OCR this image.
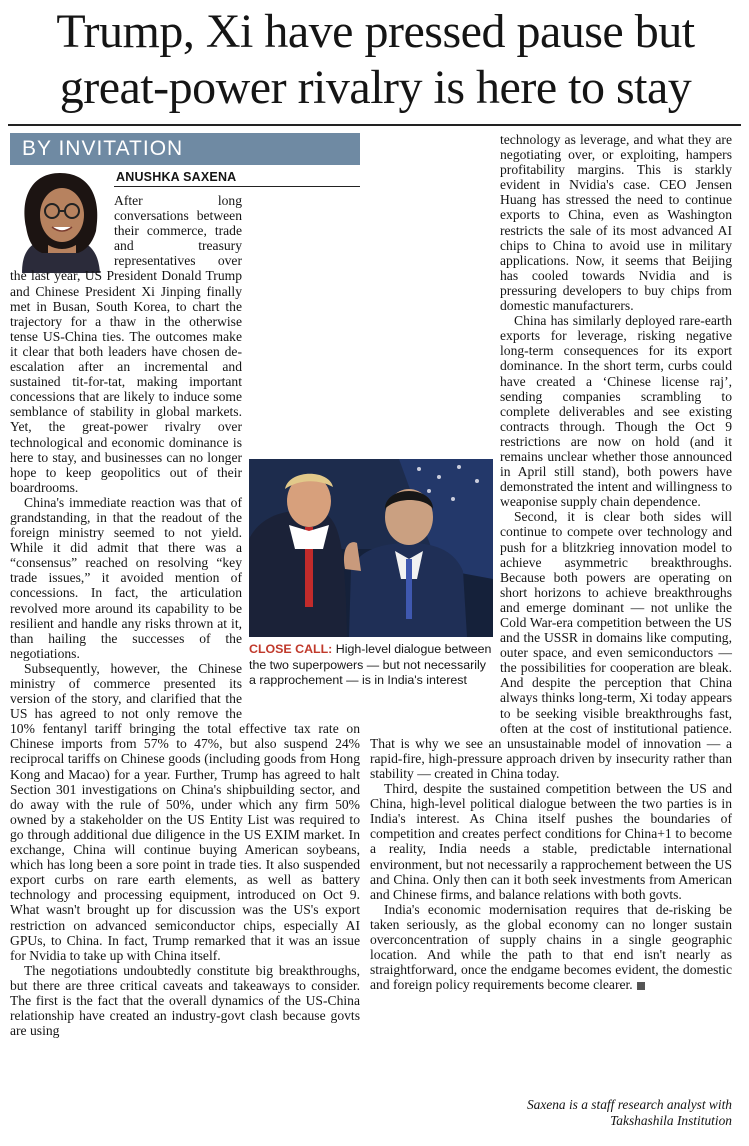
Trump, Xi have pressed pause but great-power rivalry is here to stay
BY INVITATION
ANUSHKA SAXENA

After long conversations between their commerce, trade and treasury representatives over the last year, US President Donald Trump and Chinese President Xi Jinping finally met in Busan, South Korea, to chart the trajectory for a thaw in the otherwise tense US-China ties. The outcomes make it clear that both leaders have chosen de-escalation after an incremental and sustained tit-for-tat, making important concessions that are likely to induce some semblance of stability in global markets. Yet, the great-power rivalry over technological and economic dominance is here to stay, and businesses can no longer hope to keep geopolitics out of their boardrooms.

China's immediate reaction was that of grandstanding, in that the readout of the foreign ministry seemed to not yield. While it did admit that there was a “consensus” reached on resolving “key trade issues,” it avoided mention of concessions. In fact, the articulation revolved more around its capability to be resilient and handle any risks thrown at it, than hailing the successes of the negotiations.

Subsequently, however, the Chinese ministry of commerce presented its version of the story, and clarified that the US has agreed to not only remove the 10% fentanyl tariff bringing the total effective tax rate on Chinese imports from 57% to 47%, but also suspend 24% reciprocal tariffs on Chinese goods (including goods from Hong Kong and Macao) for a year. Further, Trump has agreed to halt Section 301 investigations on China's shipbuilding sector, and do away with the rule of 50%, under which any firm 50% owned by a stakeholder on the US Entity List was required to go through additional due diligence in the US EXIM market. In exchange, China will continue buying American soybeans, which has long been a sore point in trade ties. It also suspended export curbs on rare earth elements, as well as battery technology and processing equipment, introduced on Oct 9. What wasn't brought up for discussion was the US's export restriction on advanced semiconductor chips, especially AI GPUs, to China. In fact, Trump remarked that it was an issue for Nvidia to take up with China itself.

The negotiations undoubtedly constitute big breakthroughs, but there are three critical caveats and takeaways to consider. The first is the fact that the overall dynamics of the US-China relationship have created an industry-govt clash because govts are using

technology as leverage, and what they are negotiating over, or exploiting, hampers profitability margins. This is starkly evident in Nvidia's case. CEO Jensen Huang has stressed the need to continue exports to China, even as Washington restricts the sale of its most advanced AI chips to China to avoid use in military applications. Now, it seems that Beijing has cooled towards Nvidia and is pressuring developers to buy chips from domestic manufacturers.

China has similarly deployed rare-earth exports for leverage, risking negative long-term consequences for its export dominance. In the short term, curbs could have created a ‘Chinese license raj’, sending companies scrambling to complete deliverables and see existing contracts through. Though the Oct 9 restrictions are now on hold (and it remains unclear whether those announced in April still stand), both powers have demonstrated the intent and willingness to weaponise supply chain dependence.

Second, it is clear both sides will continue to compete over technology and push for a blitzkrieg innovation model to achieve asymmetric breakthroughs. Because both powers are operating on short horizons to achieve breakthroughs and emerge dominant — not unlike the Cold War-era competition between the US and the USSR in domains like computing, outer space, and even semiconductors — the possibilities for cooperation are bleak. And despite the perception that China always thinks long-term, Xi today appears to be seeking visible breakthroughs fast, often at the cost of institutional patience. That is why we see an unsustainable model of innovation — a rapid-fire, high-pressure approach driven by insecurity rather than stability — created in China today.

Third, despite the sustained competition between the US and China, high-level political dialogue between the two parties is in India's interest. As China itself pushes the boundaries of competition and creates perfect conditions for China+1 to become a reality, India needs a stable, predictable international environment, but not necessarily a rapprochement between the US and China. Only then can it both seek investments from American and Chinese firms, and balance relations with both govts.

India's economic modernisation requires that de-risking be taken seriously, as the global economy can no longer sustain overconcentration of supply chains in a single geographic location. And while the path to that end isn't nearly as straightforward, once the endgame becomes evident, the domestic and foreign policy requirements become clearer.

CLOSE CALL: High-level dialogue between the two superpowers — but not necessarily a rapprochement — is in India's interest
Saxena is a staff research analyst with
Takshashila Institution
